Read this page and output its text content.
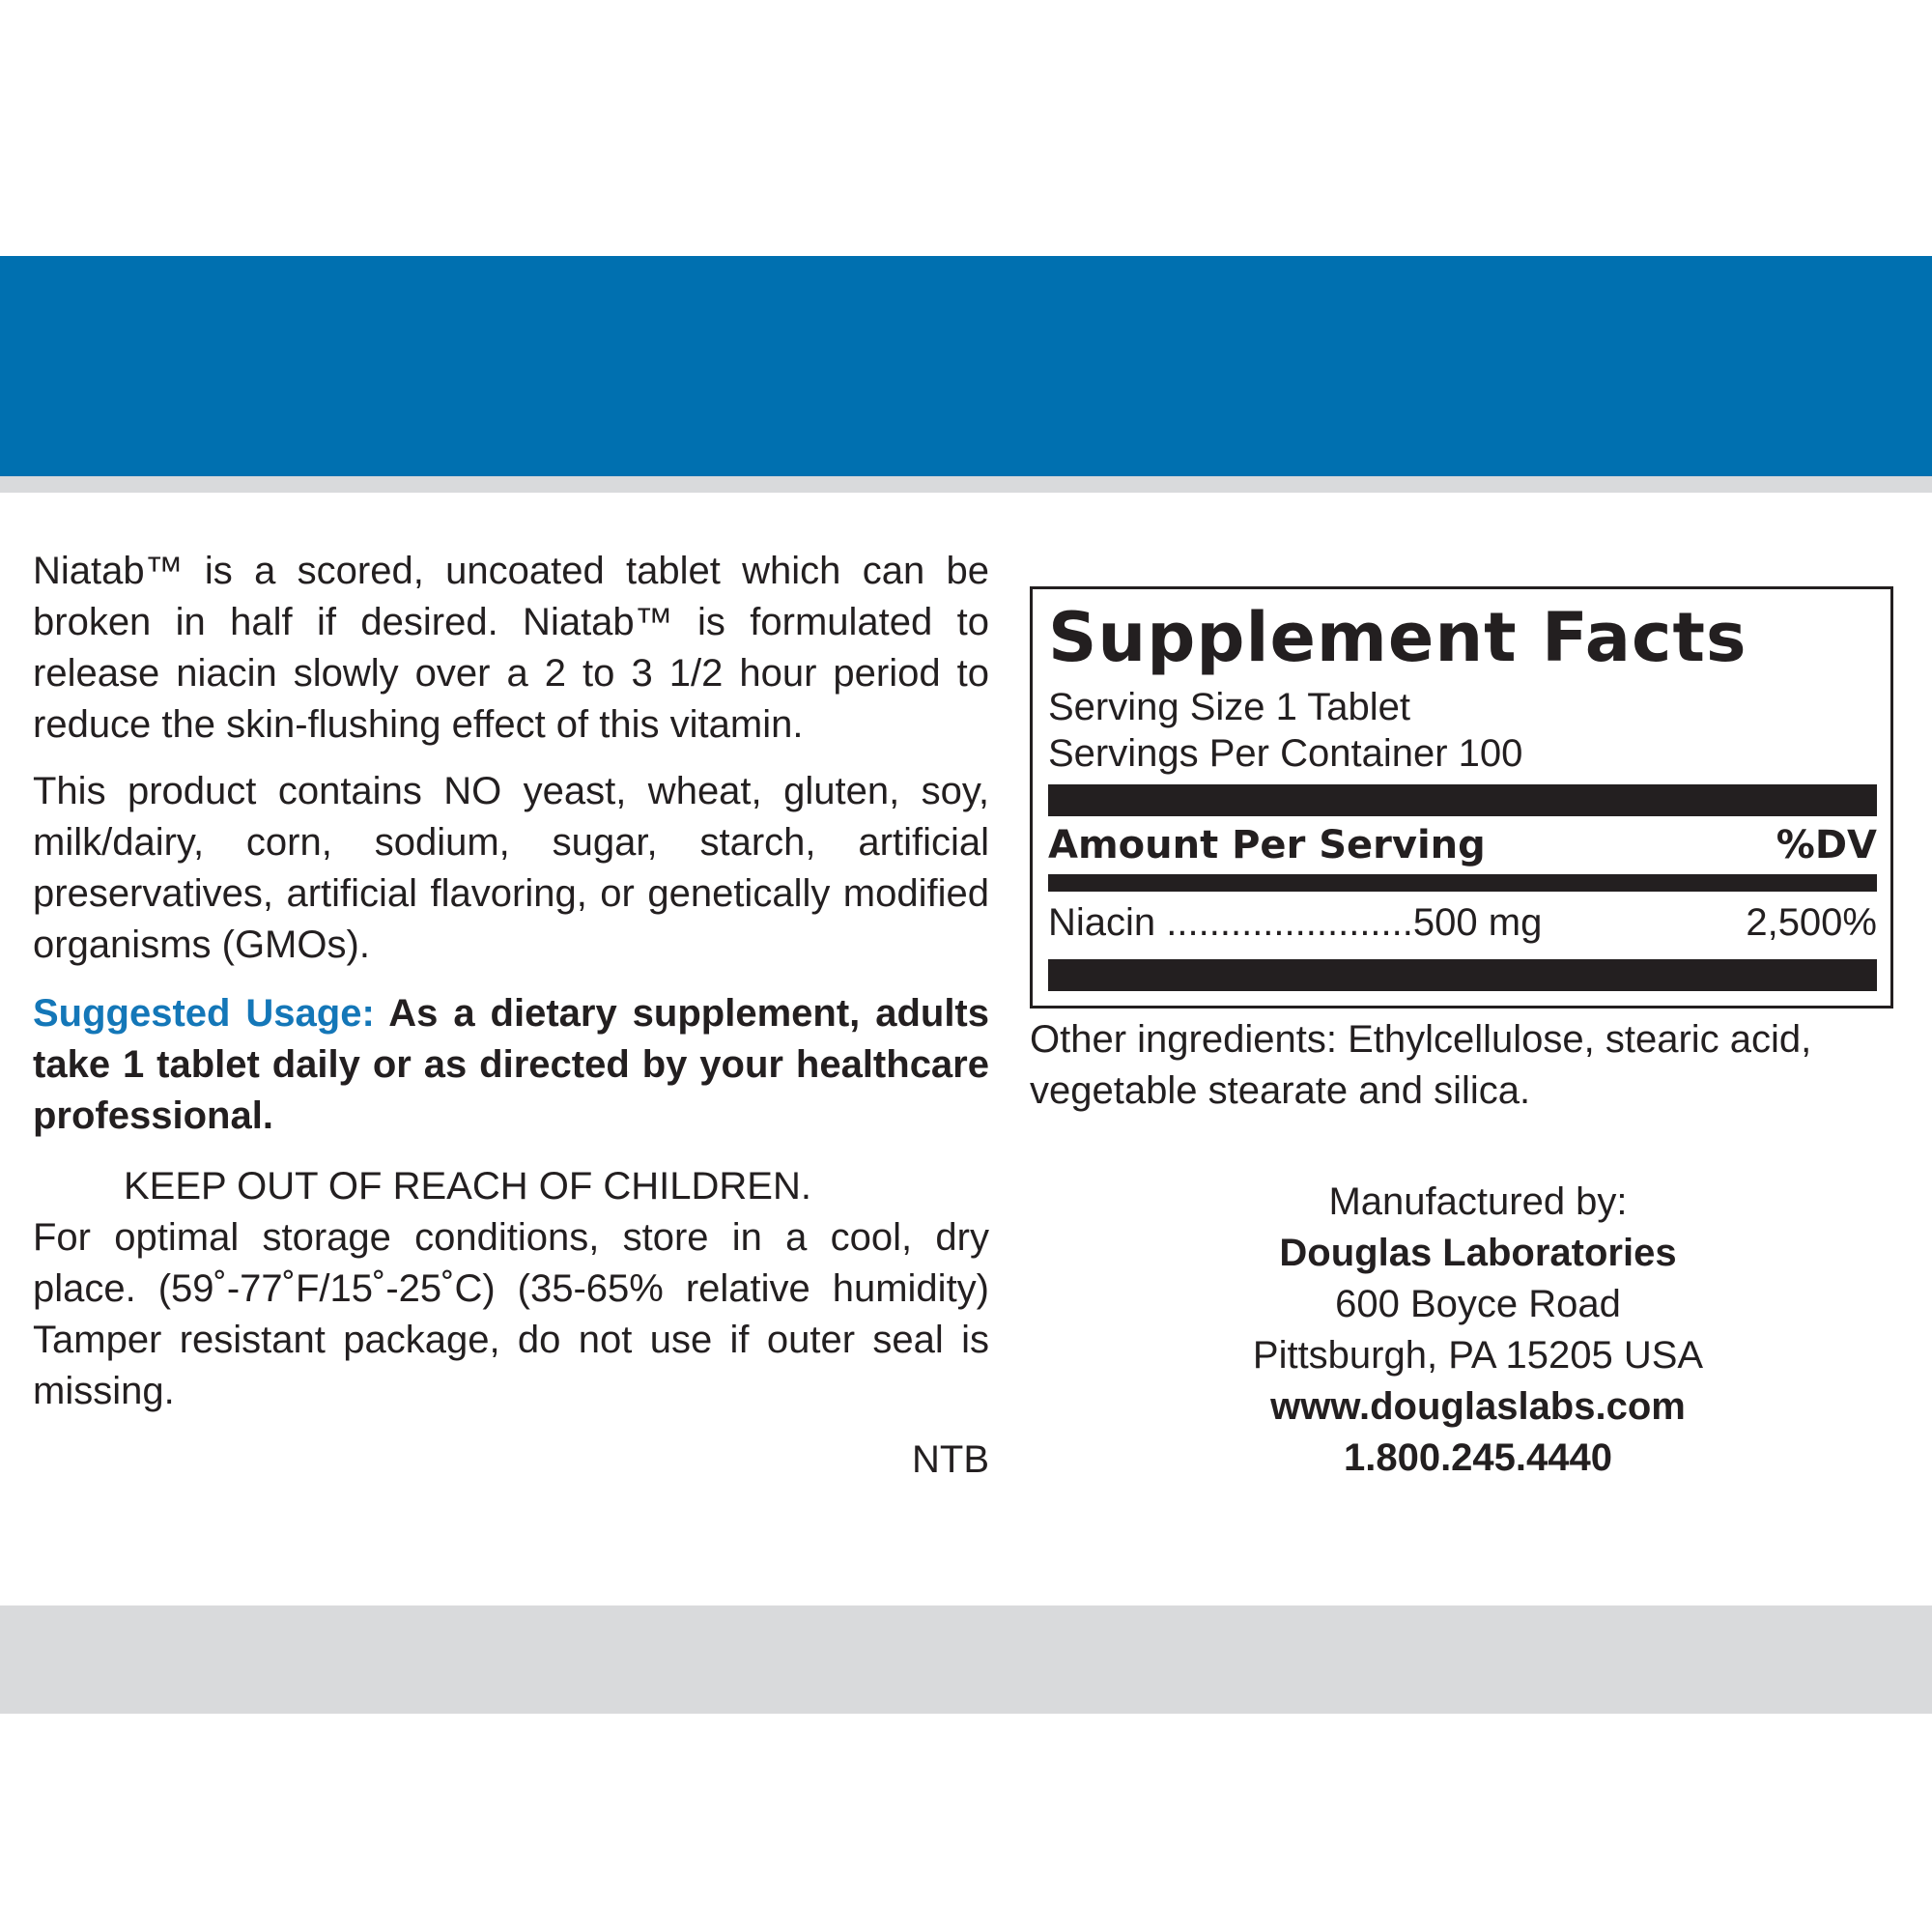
Niatab™ is a scored, uncoated tablet which can be broken in half if desired. Niatab™ is formulated to release niacin slowly over a 2 to 3 1/2 hour period to reduce the skin-flushing effect of this vitamin.

This product contains NO yeast, wheat, gluten, soy, milk/dairy, corn, sodium, sugar, starch, artificial preservatives, artificial flavoring, or genetically modified organisms (GMOs).

Suggested Usage: As a dietary supplement, adults take 1 tablet daily or as directed by your healthcare professional.

KEEP OUT OF REACH OF CHILDREN.

For optimal storage conditions, store in a cool, dry place. (59˚-77˚F/15˚-25˚C) (35-65% relative humidity) Tamper resistant package, do not use if outer seal is missing.

NTB

Supplement Facts
Serving Size 1 Tablet
Servings Per Container 100
Amount Per Serving	%DV
Niacin .......................500 mg	2,500%
Other ingredients: Ethylcellulose, stearic acid, vegetable stearate and silica.
Manufactured by:
Douglas Laboratories
600 Boyce Road
Pittsburgh, PA 15205 USA
www.douglaslabs.com
1.800.245.4440
